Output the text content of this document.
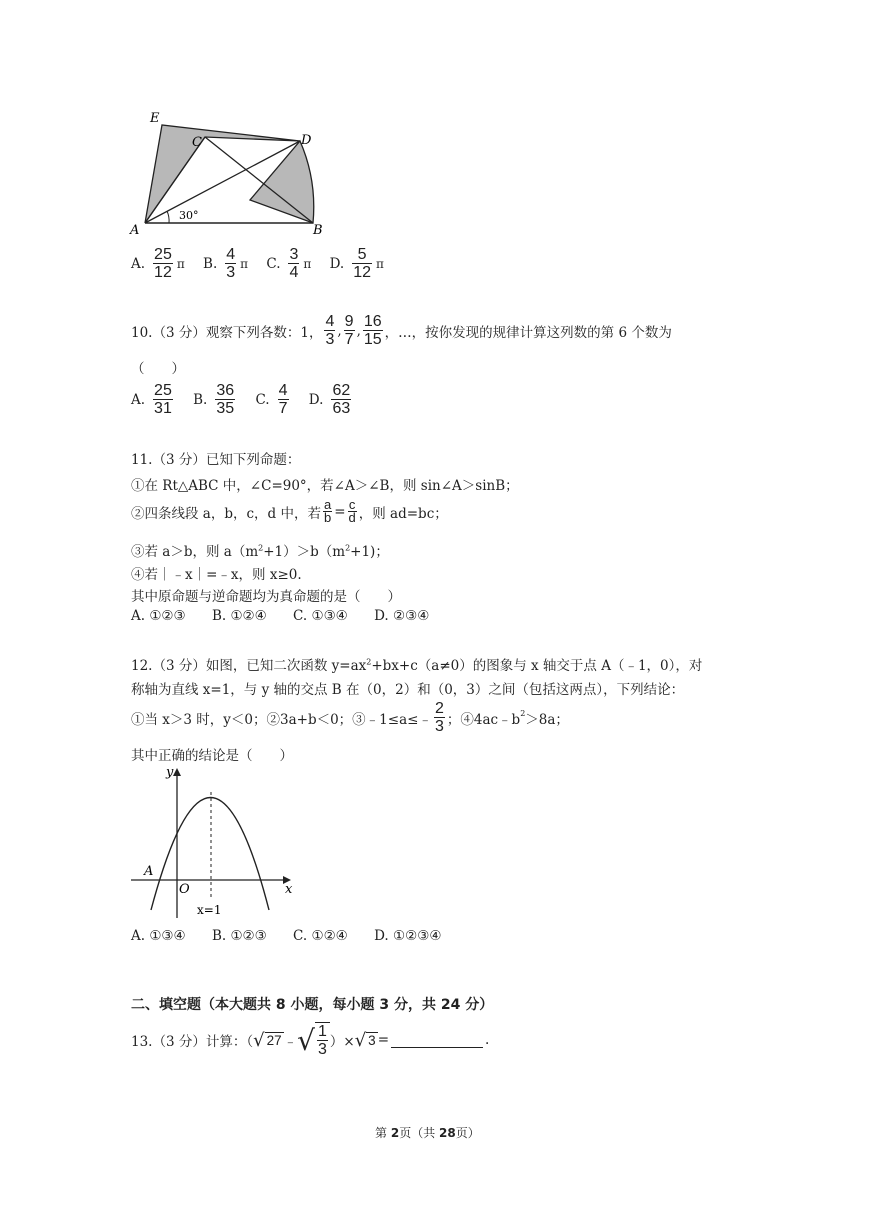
E
C	D
A	B
30°
A. $\frac{25}{12}$ π
B. $\frac{4}{3}$ π
C. $\frac{3}{4}$ π
D. $\frac{5}{12}$ π
10.（3 分）观察下列各数：1， $\frac{4}{3}$ , $\frac{9}{7}$ , $\frac{16}{15}$ ，…，按你发现的规律计算这列数的第 6 个数为
（　　）
A. $\frac{25}{31}$
B. $\frac{36}{35}$
C. $\frac{4}{7}$
D. $\frac{62}{63}$
11.（3 分）已知下列命题：
①在 Rt△ABC 中，∠C=90°，若∠A＞∠B，则 sin∠A＞sinB；
②四条线段 a，b，c，d 中，若 $\frac{a}{b} = \frac{c}{d}$ ，则 ad=bc；
③若 a＞b，则 $a(m^2+1)>b(m^2+1)$；
④若｜﹣x｜=﹣x，则 x≥0.
其中原命题与逆命题均为真命题的是（　　）
A. ①②③ B. ①②④ C. ①③④ D. ②③④
12.（3 分）如图，已知二次函数 $y=ax^2+bx+c(a\ne 0)$的图象与 x 轴交于点 A（﹣1，0），对
称轴为直线 x=1，与 y 轴的交点 B 在（0，2）和（0，3）之间（包括这两点），下列结论：
①当 x＞3 时，y＜0；②3a+b＜0；③﹣1≤a≤﹣ $\frac{2}{3}$ ；$④4ac﹣b^2 >8a$；
其中正确的结论是（　　）
y
x
O
A
x=1
A. ①③④ B. ①②③ C. ①②④ D. ①②③④
二、填空题（本大题共 8 小题，每小题 3 分，共 24 分）
13.（3 分）计算：（ √ 27 ﹣ √ $\frac{1}{3}$ ）× √ 3 =	.
第 2页（共 28页）
